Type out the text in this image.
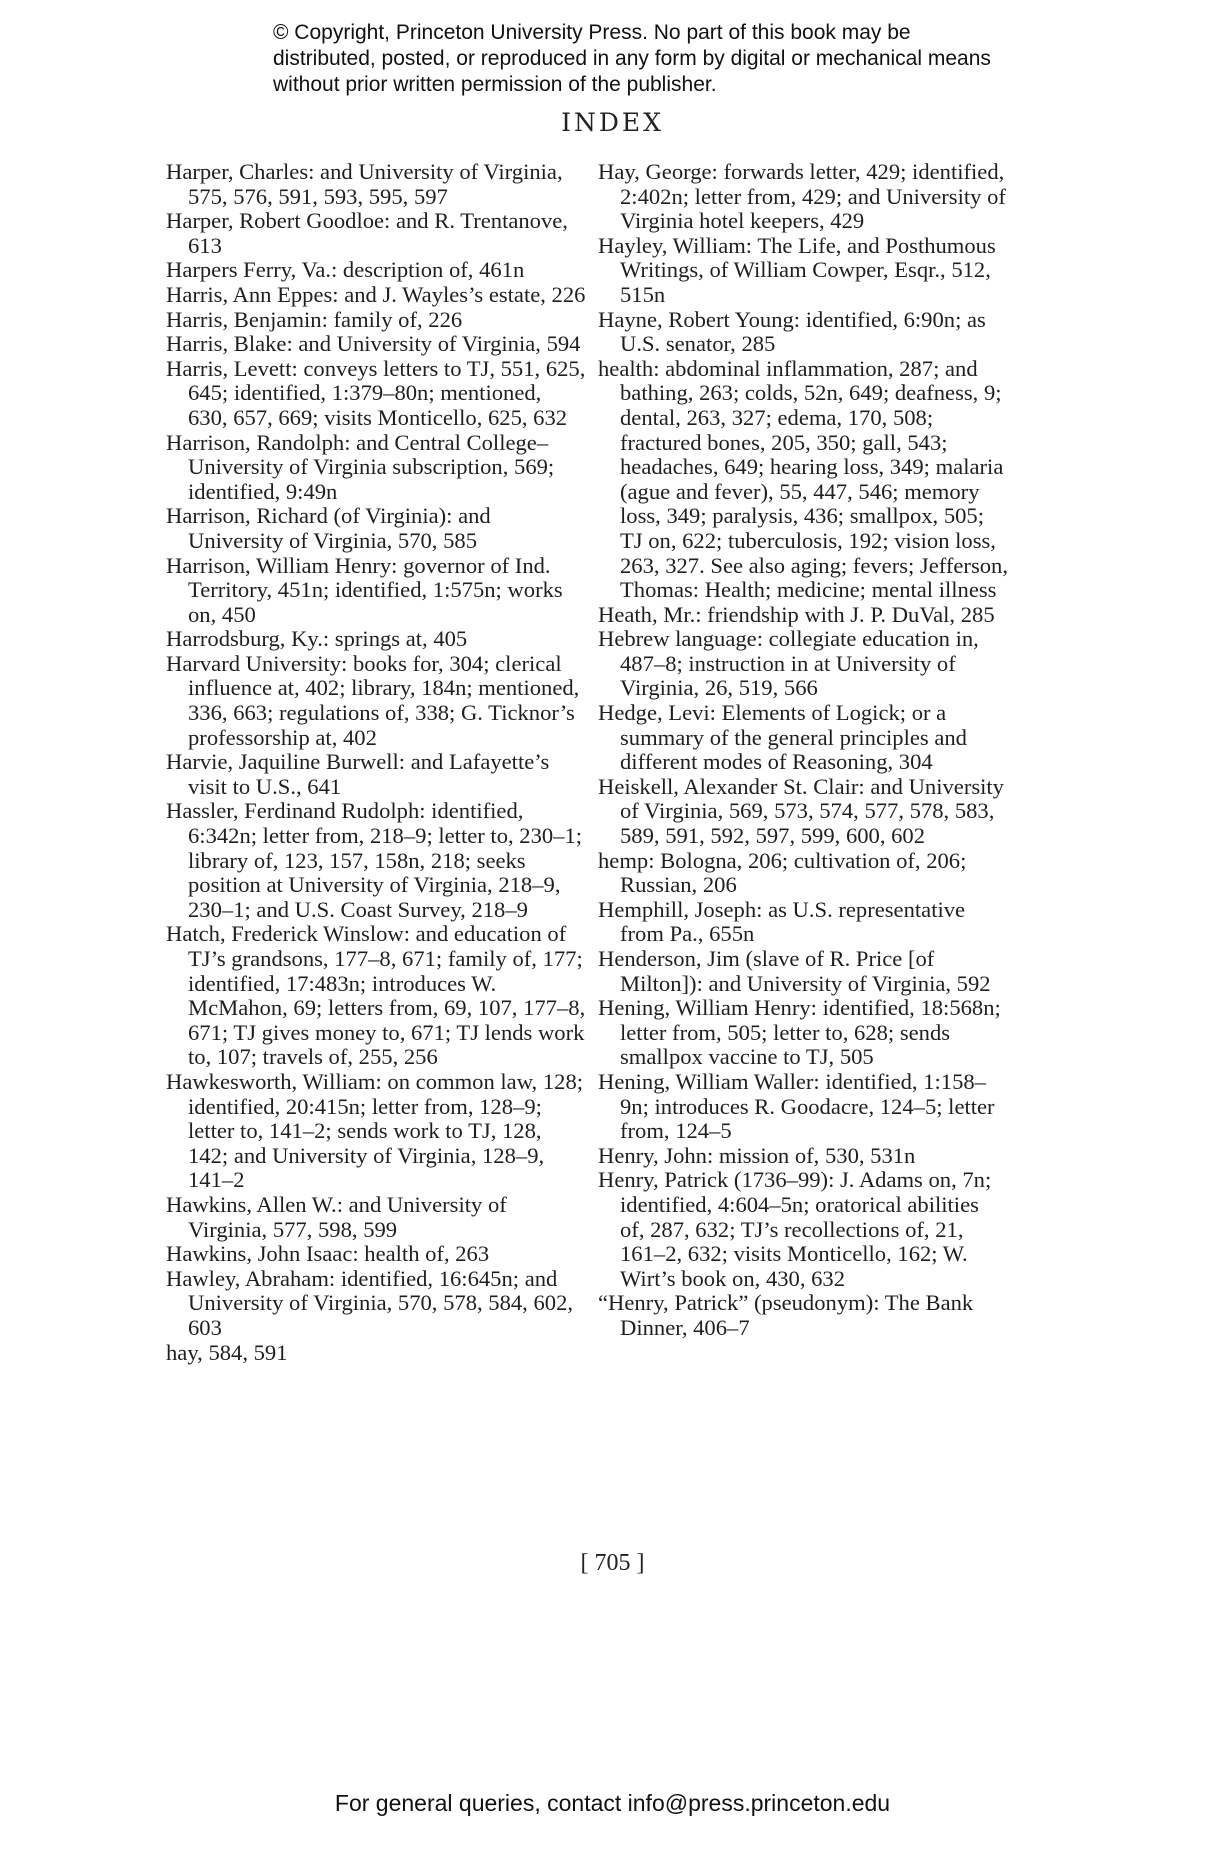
© Copyright, Princeton University Press. No part of this book may be distributed, posted, or reproduced in any form by digital or mechanical means without prior written permission of the publisher.
INDEX

Harper, Charles: and University of Virginia, 575, 576, 591, 593, 595, 597

Harper, Robert Goodloe: and R. Trentanove, 613

Harpers Ferry, Va.: description of, 461n

Harris, Ann Eppes: and J. Wayles’s estate, 226

Harris, Benjamin: family of, 226

Harris, Blake: and University of Virginia, 594

Harris, Levett: conveys letters to TJ, 551, 625, 645; identified, 1:379–80n; mentioned, 630, 657, 669; visits Monticello, 625, 632

Harrison, Randolph: and Central College–University of Virginia subscription, 569; identified, 9:49n

Harrison, Richard (of Virginia): and University of Virginia, 570, 585

Harrison, William Henry: governor of Ind. Territory, 451n; identified, 1:575n; works on, 450

Harrodsburg, Ky.: springs at, 405

Harvard University: books for, 304; clerical influence at, 402; library, 184n; mentioned, 336, 663; regulations of, 338; G. Ticknor’s professorship at, 402

Harvie, Jaquiline Burwell: and Lafayette’s visit to U.S., 641

Hassler, Ferdinand Rudolph: identified, 6:342n; letter from, 218–9; letter to, 230–1; library of, 123, 157, 158n, 218; seeks position at University of Virginia, 218–9, 230–1; and U.S. Coast Survey, 218–9

Hatch, Frederick Winslow: and education of TJ’s grandsons, 177–8, 671; family of, 177; identified, 17:483n; introduces W. McMahon, 69; letters from, 69, 107, 177–8, 671; TJ gives money to, 671; TJ lends work to, 107; travels of, 255, 256

Hawkesworth, William: on common law, 128; identified, 20:415n; letter from, 128–9; letter to, 141–2; sends work to TJ, 128, 142; and University of Virginia, 128–9, 141–2

Hawkins, Allen W.: and University of Virginia, 577, 598, 599

Hawkins, John Isaac: health of, 263

Hawley, Abraham: identified, 16:645n; and University of Virginia, 570, 578, 584, 602, 603

hay, 584, 591

Hay, George: forwards letter, 429; identified, 2:402n; letter from, 429; and University of Virginia hotel keepers, 429

Hayley, William: The Life, and Posthumous Writings, of William Cowper, Esqr., 512, 515n

Hayne, Robert Young: identified, 6:90n; as U.S. senator, 285

health: abdominal inflammation, 287; and bathing, 263; colds, 52n, 649; deafness, 9; dental, 263, 327; edema, 170, 508; fractured bones, 205, 350; gall, 543; headaches, 649; hearing loss, 349; malaria (ague and fever), 55, 447, 546; memory loss, 349; paralysis, 436; smallpox, 505; TJ on, 622; tuberculosis, 192; vision loss, 263, 327. See also aging; fevers; Jefferson, Thomas: Health; medicine; mental illness

Heath, Mr.: friendship with J. P. DuVal, 285

Hebrew language: collegiate education in, 487–8; instruction in at University of Virginia, 26, 519, 566

Hedge, Levi: Elements of Logick; or a summary of the general principles and different modes of Reasoning, 304

Heiskell, Alexander St. Clair: and University of Virginia, 569, 573, 574, 577, 578, 583, 589, 591, 592, 597, 599, 600, 602

hemp: Bologna, 206; cultivation of, 206; Russian, 206

Hemphill, Joseph: as U.S. representative from Pa., 655n

Henderson, Jim (slave of R. Price [of Milton]): and University of Virginia, 592

Hening, William Henry: identified, 18:568n; letter from, 505; letter to, 628; sends smallpox vaccine to TJ, 505

Hening, William Waller: identified, 1:158–9n; introduces R. Goodacre, 124–5; letter from, 124–5

Henry, John: mission of, 530, 531n

Henry, Patrick (1736–99): J. Adams on, 7n; identified, 4:604–5n; oratorical abilities of, 287, 632; TJ’s recollections of, 21, 161–2, 632; visits Monticello, 162; W. Wirt’s book on, 430, 632

“Henry, Patrick” (pseudonym): The Bank Dinner, 406–7

[ 705 ]
For general queries, contact info@press.princeton.edu
